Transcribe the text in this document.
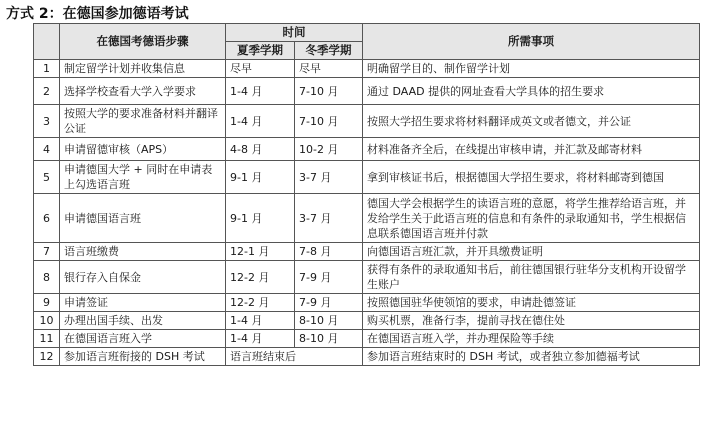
方式 2：在德国参加德语考试
	在德国考德语步骤	时间		所需事项
		夏季学期	冬季学期	
1	制定留学计划并收集信息	尽早	尽早	明确留学目的、制作留学计划
2	选择学校查看大学入学要求	1-4 月	7-10 月	通过 DAAD 提供的网址查看大学具体的招生要求
3	按照大学的要求准备材料并翻译公证	1-4 月	7-10 月	按照大学招生要求将材料翻译成英文或者德文，并公证
4	申请留德审核（APS）	4-8 月	10-2 月	材料准备齐全后，在线提出审核申请，并汇款及邮寄材料
5	申请德国大学 + 同时在申请表上勾选语言班	9-1 月	3-7 月	拿到审核证书后，根据德国大学招生要求，将材料邮寄到德国
6	申请德国语言班	9-1 月	3-7 月	德国大学会根据学生的读语言班的意愿，将学生推荐给语言班，并发给学生关于此语言班的信息和有条件的录取通知书，学生根据信息联系德国语言班并付款
7	语言班缴费	12-1 月	7-8 月	向德国语言班汇款，并开具缴费证明
8	银行存入自保金	12-2 月	7-9 月	获得有条件的录取通知书后，前往德国银行驻华分支机构开设留学生账户
9	申请签证	12-2 月	7-9 月	按照德国驻华使领馆的要求，申请赴德签证
10	办理出国手续、出发	1-4 月	8-10 月	购买机票，准备行李，提前寻找在德住处
11	在德国语言班入学	1-4 月	8-10 月	在德国语言班入学，并办理保险等手续
12	参加语言班衔接的 DSH 考试	语言班结束后		参加语言班结束时的 DSH 考试，或者独立参加德福考试
